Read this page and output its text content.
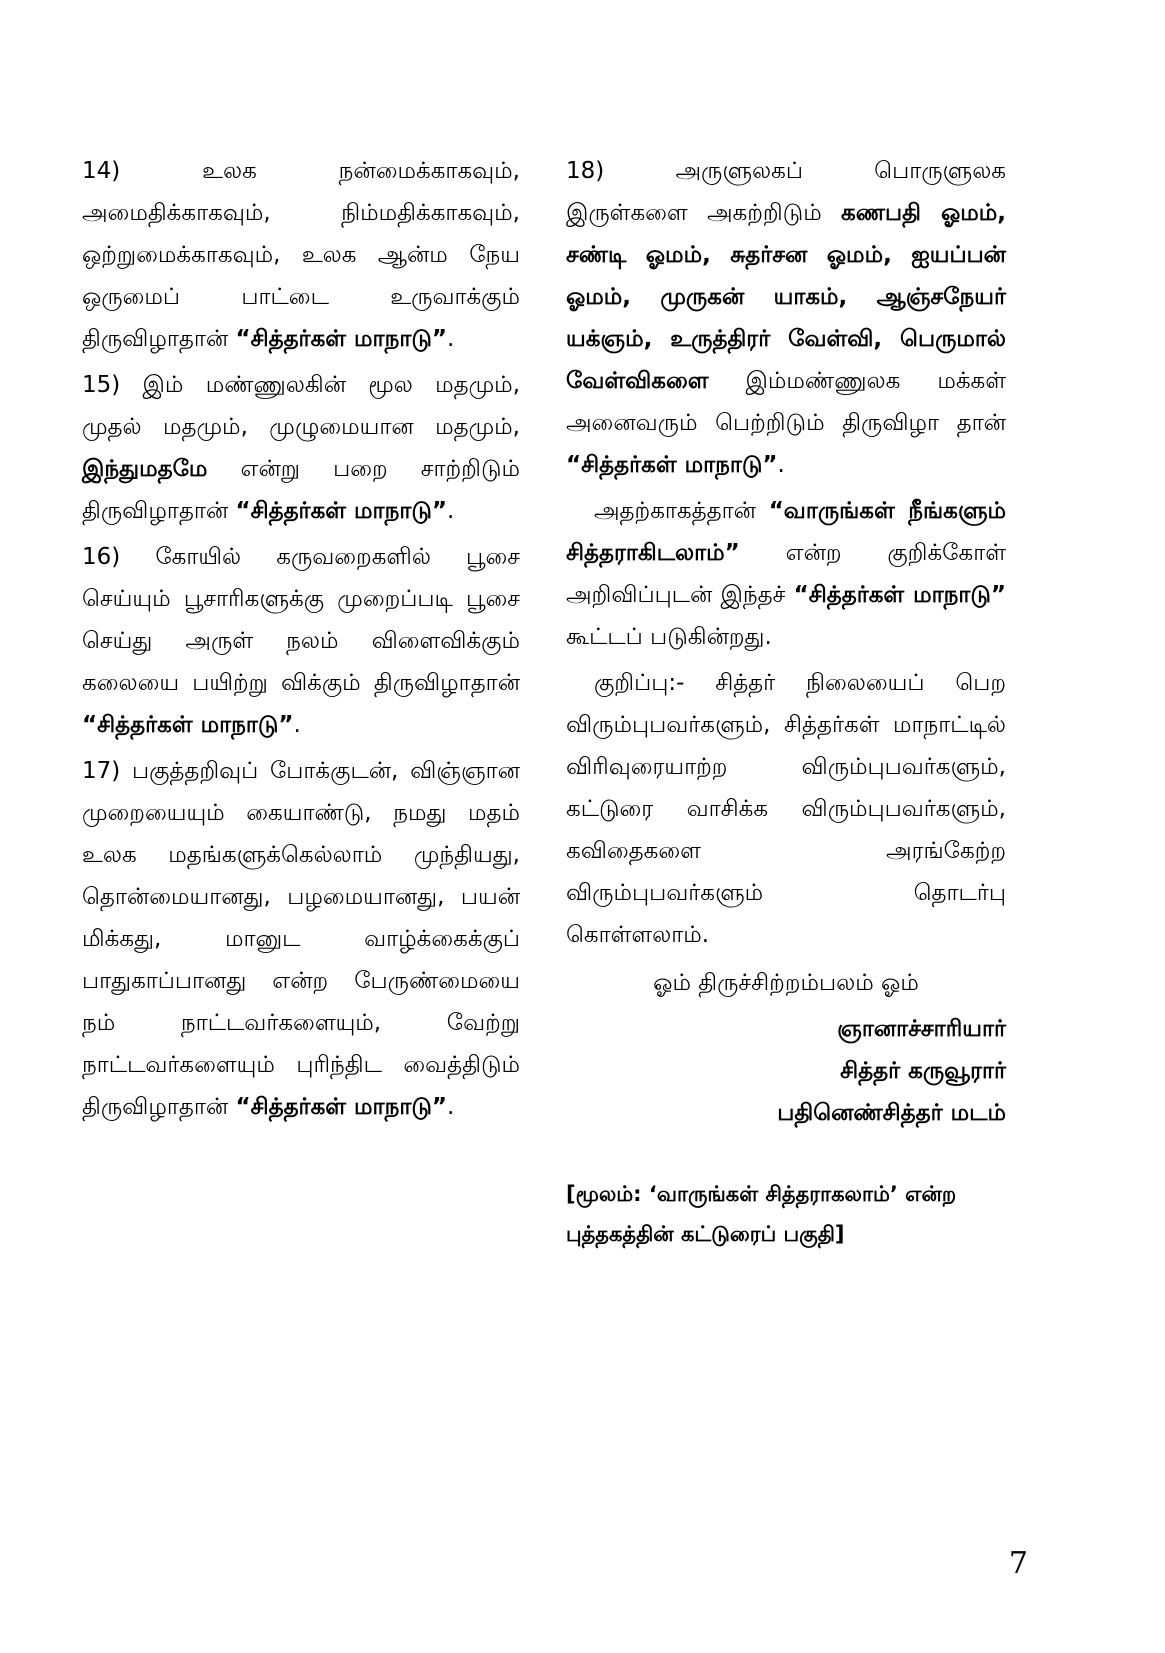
14) உலக நன்மைக்காகவும், அமைதிக்காகவும், நிம்மதிக்காகவும், ஒற்றுமைக்காகவும், உலக ஆன்ம நேய ஒருமைப் பாட்டை உருவாக்கும் திருவிழாதான் “சித்தர்கள் மாநாடு”.

15) இம் மண்ணுலகின் மூல மதமும், முதல் மதமும், முழுமையான மதமும், இந்துமதமே என்று பறை சாற்றிடும் திருவிழாதான் “சித்தர்கள் மாநாடு”.

16) கோயில் கருவறைகளில் பூசை செய்யும் பூசாரிகளுக்கு முறைப்படி பூசை செய்து அருள் நலம் விளைவிக்கும் கலையை பயிற்று விக்கும் திருவிழாதான் “சித்தர்கள் மாநாடு”.

17) பகுத்தறிவுப் போக்குடன், விஞ்ஞான முறையையும் கையாண்டு, நமது மதம் உலக மதங்களுக்கெல்லாம் முந்தியது, தொன்மையானது, பழமையானது, பயன் மிக்கது, மானுட வாழ்க்கைக்குப் பாதுகாப்பானது என்ற பேருண்மையை நம் நாட்டவர்களையும், வேற்று நாட்டவர்களையும் புரிந்திட வைத்திடும் திருவிழாதான் “சித்தர்கள் மாநாடு”.

18) அருளுலகப் பொருளுலக இருள்களை அகற்றிடும் கணபதி ஓமம், சண்டி ஓமம், சுதர்சன ஓமம், ஐயப்பன் ஓமம், முருகன் யாகம், ஆஞ்சநேயர் யக்ஞம், உருத்திரர் வேள்வி, பெருமால் வேள்விகளை இம்மண்ணுலக மக்கள் அனைவரும் பெற்றிடும் திருவிழா தான் “சித்தர்கள் மாநாடு”.

அதற்காகத்தான் “வாருங்கள் நீங்களும் சித்தராகிடலாம்” என்ற குறிக்கோள் அறிவிப்புடன் இந்தச் “சித்தர்கள் மாநாடு” கூட்டப் படுகின்றது.

குறிப்பு:- சித்தர் நிலையைப் பெற விரும்புபவர்களும், சித்தர்கள் மாநாட்டில் விரிவுரையாற்ற விரும்புபவர்களும், கட்டுரை வாசிக்க விரும்புபவர்களும், கவிதைகளை அரங்கேற்ற விரும்புபவர்களும் தொடர்பு கொள்ளலாம்.

ஓம் திருச்சிற்றம்பலம் ஓம்

ஞானாச்சாரியார்
சித்தர் கருவூரார்
பதினெண்சித்தர் மடம்

[மூலம்: ‘வாருங்கள் சித்தராகலாம்’ என்ற புத்தகத்தின் கட்டுரைப் பகுதி]

7
